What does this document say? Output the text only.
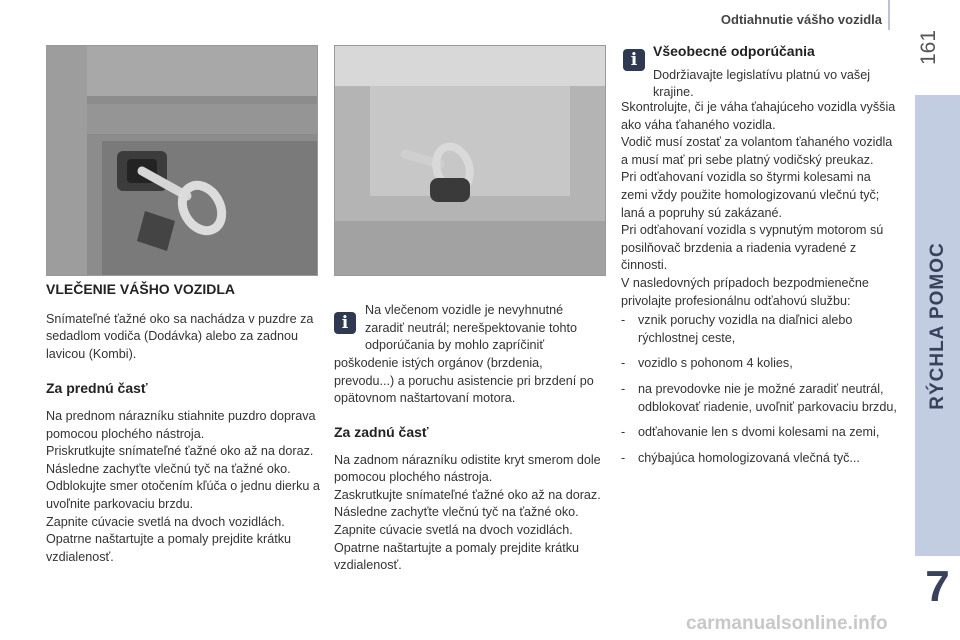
Odtiahnutie vášho vozidla
161
RÝCHLA POMOC
7
VLEČENIE VÁŠHO VOZIDLA

Snímateľné ťažné oko sa nachádza v puzdre za sedadlom vodiča (Dodávka) alebo za zadnou lavicou (Kombi).

Za prednú časť

Na prednom nárazníku stiahnite puzdro doprava pomocou plochého nástroja.

Priskrutkujte snímateľné ťažné oko až na doraz.

Následne zachyťte vlečnú tyč na ťažné oko.

Odblokujte smer otočením kľúča o jednu dierku a uvoľnite parkovaciu brzdu.

Zapnite cúvacie svetlá na dvoch vozidlách.

Opatrne naštartujte a pomaly prejdite krátku vzdialenosť.

i

Na vlečenom vozidle je nevyhnutné zaradiť neutrál; nerešpektovanie tohto odporúčania by mohlo zapríčiniť

poškodenie istých orgánov (brzdenia, prevodu...) a poruchu asistencie pri brzdení po opätovnom naštartovaní motora.

Za zadnú časť

Na zadnom nárazníku odistite kryt smerom dole pomocou plochého nástroja.

Zaskrutkujte snímateľné ťažné oko až na doraz.

Následne zachyťte vlečnú tyč na ťažné oko.

Zapnite cúvacie svetlá na dvoch vozidlách.

Opatrne naštartujte a pomaly prejdite krátku vzdialenosť.

i	Všeobecné odporúčania

Dodržiavajte legislatívu platnú vo vašej krajine.

Skontrolujte, či je váha ťahajúceho vozidla vyššia ako váha ťahaného vozidla.

Vodič musí zostať za volantom ťahaného vozidla a musí mať pri sebe platný vodičský preukaz.

Pri odťahovaní vozidla so štyrmi kolesami na zemi vždy použite homologizovanú vlečnú tyč; laná a popruhy sú zakázané.

Pri odťahovaní vozidla s vypnutým motorom sú posilňovač brzdenia a riadenia vyradené z činnosti.

V nasledovných prípadoch bezpodmienečne privolajte profesionálnu odťahovú službu:

- vznik poruchy vozidla na diaľnici alebo rýchlostnej ceste,
- vozidlo s pohonom 4 kolies,
- na prevodovke nie je možné zaradiť neutrál, odblokovať riadenie, uvoľniť parkovaciu brzdu,
- odťahovanie len s dvomi kolesami na zemi,
- chýbajúca homologizovaná vlečná tyč...
carmanualsonline.info
